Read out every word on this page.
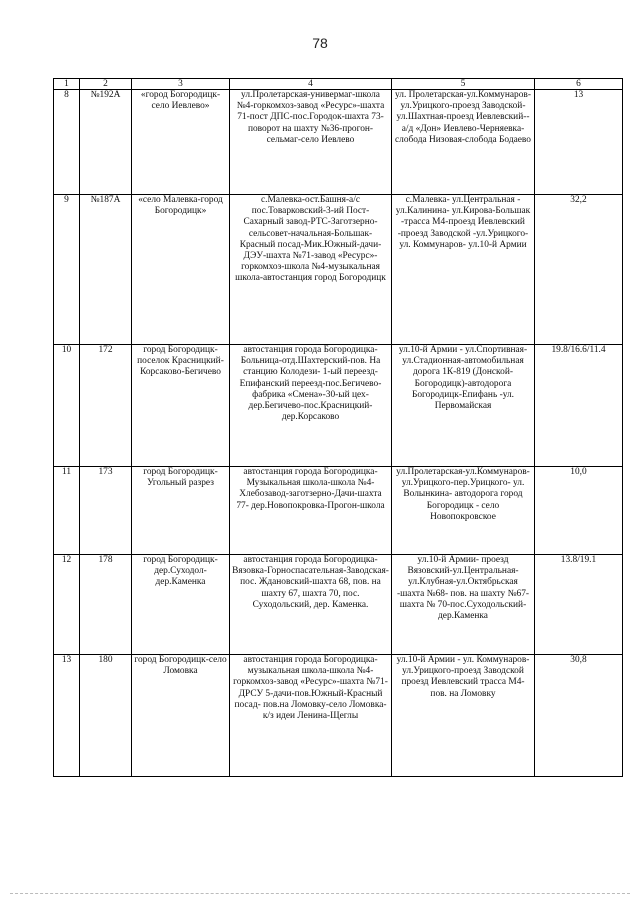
78
1	2	3	4	5	6
8	№192А	«город Богородицк-село Иевлево»	ул.Пролетарская-универмаг-школа №4-горкомхоз-завод «Ресурс»-шахта 71-пост ДПС-пос.Городок-шахта 73-поворот на шахту №36-прогон-сельмаг-село Иевлево	ул. Пролетарская-ул.Коммунаров-ул.Урицкого-проезд Заводской- ул.Шахтная-проезд Иевлевский--а/д «Дон» Иевлево-Черняевка-слобода Низовая-слобода Бодаево	13
9	№187А	«село Малевка-город Богородицк»	с.Малевка-ост.Башня-а/с пос.Товарковский-3-ий Пост-Сахарный завод-РТС-Заготзерно-сельсовет-начальная-Большак-Красный посад-Мик.Южный-дачи-ДЭУ-шахта №71-завод «Ресурс»-горкомхоз-школа №4-музыкальная школа-автостанция город Богородицк	с.Малевка- ул.Центральная - ул.Калинина- ул.Кирова-Большак -трасса М4-проезд Иевлевский -проезд Заводской -ул.Урицкого-ул. Коммунаров- ул.10-й Армии	32,2
10	172	город Богородицк-поселок Красницкий-Корсаково-Бегичево	автостанция города Богородицка-Больница-отд.Шахтерский-пов. На станцию Колодези- 1-ый переезд-Епифанский переезд-пос.Бегичево-фабрика «Смена»-30-ый цех- дер.Бегичево-пос.Красницкий-дер.Корсаково	ул.10-й Армии - ул.Спортивная-ул.Стадионная-автомобильная дорога 1К-819 (Донской-Богородицк)-автодорога Богородицк-Епифань -ул. Первомайская	19.8/16.6/11.4
11	173	город Богородицк-Угольный разрез	автостанция города Богородицка-Музыкальная школа-школа №4-Хлебозавод-заготзерно-Дачи-шахта 77- дер.Новопокровка-Прогон-школа	ул.Пролетарская-ул.Коммунаров-ул.Урицкого-пер.Урицкого- ул. Волынкина- автодорога город Богородицк - село Новопокровское	10,0
12	178	город Богородицк-дер.Суходол-дер.Каменка	автостанция города Богородицка-Вязовка-Горноспасательная-Заводская-пос. Ждановский-шахта 68, пов. на шахту 67, шахта 70, пос. Суходольский, дер. Каменка.	ул.10-й Армии- проезд Вязовский-ул.Центральная-ул.Клубная-ул.Октябрьская -шахта №68- пов. на шахту №67-шахта № 70-пос.Суходольский-дер.Каменка	13.8/19.1
13	180	город Богородицк-село Ломовка	автостанция города Богородицка-музыкальная школа-школа №4-горкомхоз-завод «Ресурс»-шахта №71-ДРСУ 5-дачи-пов.Южный-Красный посад- пов.на Ломовку-село Ломовка- к/з идеи Ленина-Щеглы	ул.10-й Армии - ул. Коммунаров- ул.Урицкого-проезд Заводской проезд Иевлевский трасса М4-пов. на Ломовку	30,8
